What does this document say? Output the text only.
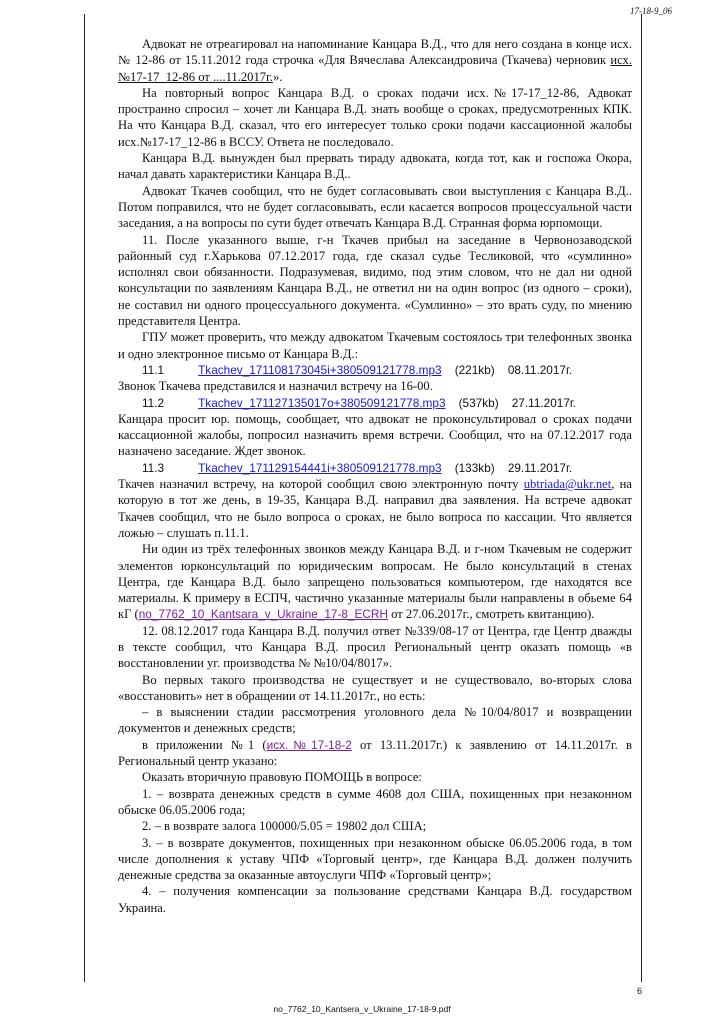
17-18-9_06

Адвокат не отреагировал на напоминание Канцара В.Д., что для него создана в конце исх. № 12-86 от 15.11.2012 года строчка «Для Вячеслава Александровича (Ткачева) черновик исх.№17-17_12-86 от ....11.2017г.».

На повторный вопрос Канцара В.Д. о сроках подачи исх.№17-17_12-86, Адвокат пространно спросил – хочет ли Канцара В.Д. знать вообще о сроках, предусмотренных КПК. На что Канцара В.Д. сказал, что его интересует только сроки подачи кассационной жалобы исх.№17-17_12-86 в ВССУ. Ответа не последовало.

Канцара В.Д. вынужден был прервать тираду адвоката, когда тот, как и госпожа Окора, начал давать характеристики Канцара В.Д..

Адвокат Ткачев сообщил, что не будет согласовывать свои выступления с Канцара В.Д.. Потом поправился, что не будет согласовывать, если касается вопросов процессуальной части заседания, а на вопросы по сути будет отвечать Канцара В.Д. Странная форма юрпомощи.

11. После указанного выше, г-н Ткачев прибыл на заседание в Червонозаводской районный суд г.Харькова 07.12.2017 года, где сказал судье Тесликовой, что «сумлинно» исполнял свои обязанности. Подразумевая, видимо, под этим словом, что не дал ни одной консультации по заявлениям Канцара В.Д., не ответил ни на один вопрос (из одного – сроки), не составил ни одного процессуального документа. «Сумлинно» – это врать суду, по мнению представителя Центра.

ГПУ может проверить, что между адвокатом Ткачевым состоялось три телефонных звонка и одно электронное письмо от Канцара В.Д.:

11.1	Tkachev_171108173045i+380509121778.mp3 (221kb) 08.11.2017г.

Звонок Ткачева представился и назначил встречу на 16-00.

11.2	Tkachev_171127135017o+380509121778.mp3 (537kb) 27.11.2017г.

Канцара просит юр. помощь, сообщает, что адвокат не проконсультировал о сроках подачи кассационной жалобы, попросил назначить время встречи. Сообщил, что на 07.12.2017 года назначено заседание. Ждет звонок.

11.3	Tkachev_171129154441i+380509121778.mp3 (133kb) 29.11.2017г.

Ткачев назначил встречу, на которой сообщил свою электронную почту ubtriada@ukr.net, на которую в тот же день, в 19-35, Канцара В.Д. направил два заявления. На встрече адвокат Ткачев сообщил, что не было вопроса о сроках, не было вопроса по кассации. Что является ложью – слушать п.11.1.

Ни один из трёх телефонных звонков между Канцара В.Д. и г-ном Ткачевым не содержит элементов юрконсультаций по юридическим вопросам. Не было консультаций в стенах Центра, где Канцара В.Д. было запрещено пользоваться компьютером, где находятся все материалы. К примеру в ЕСПЧ, частично указанные материалы были направлены в обьеме 64 кГ (no_7762_10_Kantsara_v_Ukraine_17-8_ECRH от 27.06.2017г., смотреть квитанцию).

12. 08.12.2017 года Канцара В.Д. получил ответ №339/08-17 от Центра, где Центр дважды в тексте сообщил, что Канцара В.Д. просил Региональный центр оказать помощь «в восстановлении уг. производства № №10/04/8017».

Во первых такого производства не существует и не существовало, во-вторых слова «восстановить» нет в обращении от 14.11.2017г., но есть:

– в выяснении стадии рассмотрения уголовного дела №10/04/8017 и возвращении документов и денежных средств;

в приложении №1 (исх.№17-18-2 от 13.11.2017г.) к заявлению от 14.11.2017г. в Региональный центр указано:

Оказать вторичную правовую ПОМОЩЬ в вопросе:

1. – возврата денежных средств в сумме 4608 дол США, похищенных при незаконном обыске 06.05.2006 года;

2. – в возврате залога 100000/5.05 = 19802 дол США;

3. – в возврате документов, похищенных при незаконном обыске 06.05.2006 года, в том числе дополнения к уставу ЧПФ «Торговый центр», где Канцара В.Д. должен получить денежные средства за оказанные автоуслуги ЧПФ «Торговый центр»;

4. – получения компенсации за пользование средствами Канцара В.Д. государством Украина.

6
no_7762_10_Kantsera_v_Ukraine_17-18-9.pdf
